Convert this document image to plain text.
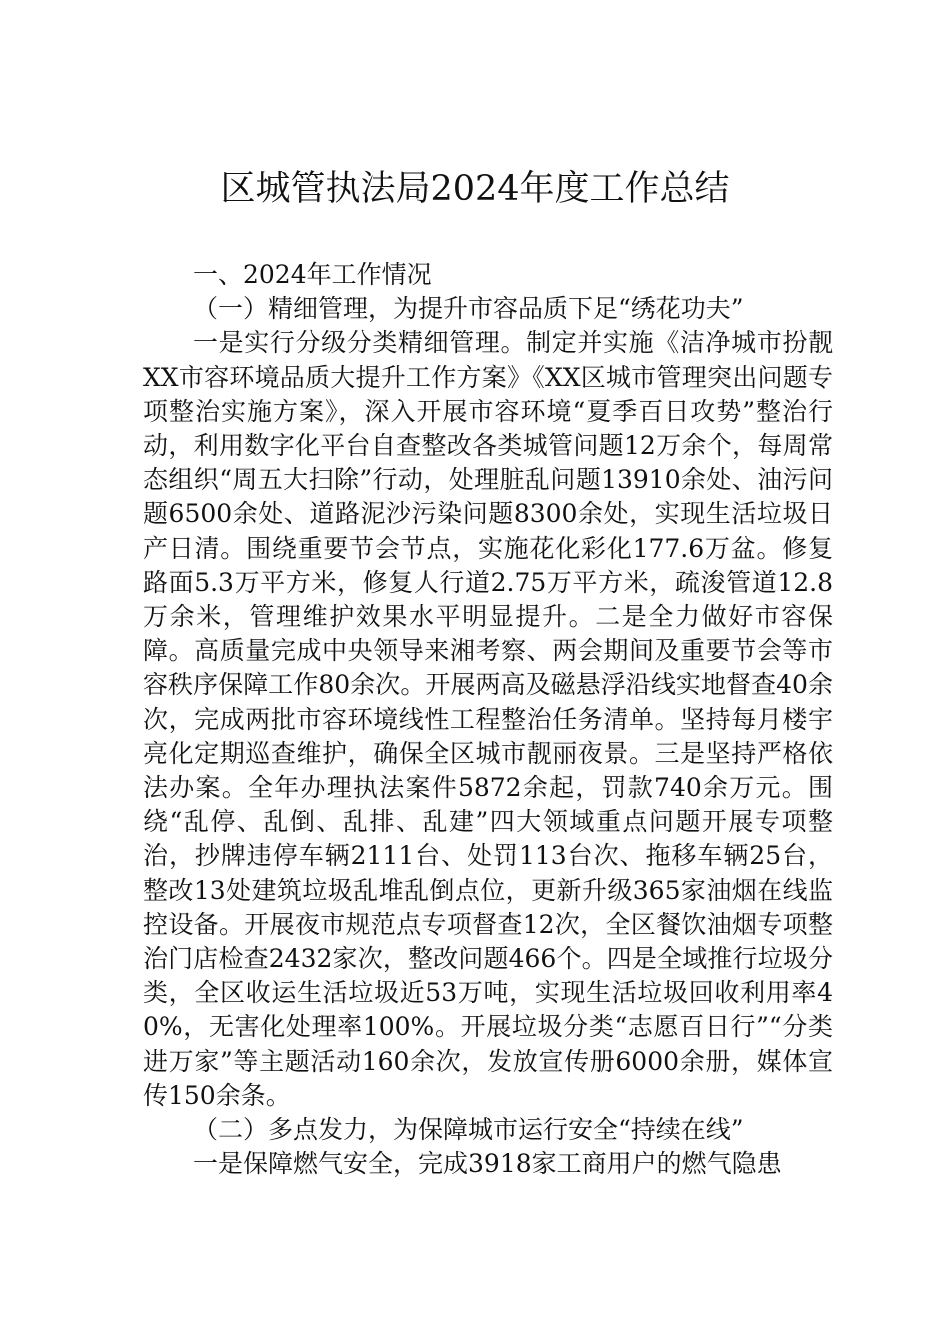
区城管执法局2024年度工作总结

一、2024年工作情况

（一）精细管理，为提升市容品质下足“绣花功夫”

一是实行分级分类精细管理。制定并实施《洁净城市扮靓XX市容环境品质大提升工作方案》《XX区城市管理突出问题专项整治实施方案》，深入开展市容环境“夏季百日攻势”整治行动，利用数字化平台自查整改各类城管问题12万余个，每周常态组织“周五大扫除”行动，处理脏乱问题13910余处、油污问题6500余处、道路泥沙污染问题8300余处，实现生活垃圾日产日清。围绕重要节会节点，实施花化彩化177.6万盆。修复路面5.3万平方米，修复人行道2.75万平方米，疏浚管道12.8万余米，管理维护效果水平明显提升。二是全力做好市容保障。高质量完成中央领导来湘考察、两会期间及重要节会等市容秩序保障工作80余次。开展两高及磁悬浮沿线实地督查40余次，完成两批市容环境线性工程整治任务清单。坚持每月楼宇亮化定期巡查维护，确保全区城市靓丽夜景。三是坚持严格依法办案。全年办理执法案件5872余起，罚款740余万元。围绕“乱停、乱倒、乱排、乱建”四大领域重点问题开展专项整治，抄牌违停车辆2111台、处罚113台次、拖移车辆25台，整改13处建筑垃圾乱堆乱倒点位，更新升级365家油烟在线监控设备。开展夜市规范点专项督查12次，全区餐饮油烟专项整治门店检查2432家次，整改问题466个。四是全域推行垃圾分类，全区收运生活垃圾近53万吨，实现生活垃圾回收利用率40%，无害化处理率100%。开展垃圾分类“志愿百日行”“分类进万家”等主题活动160余次，发放宣传册6000余册，媒体宣传150余条。

（二）多点发力，为保障城市运行安全“持续在线”

一是保障燃气安全，完成3918家工商用户的燃气隐患
